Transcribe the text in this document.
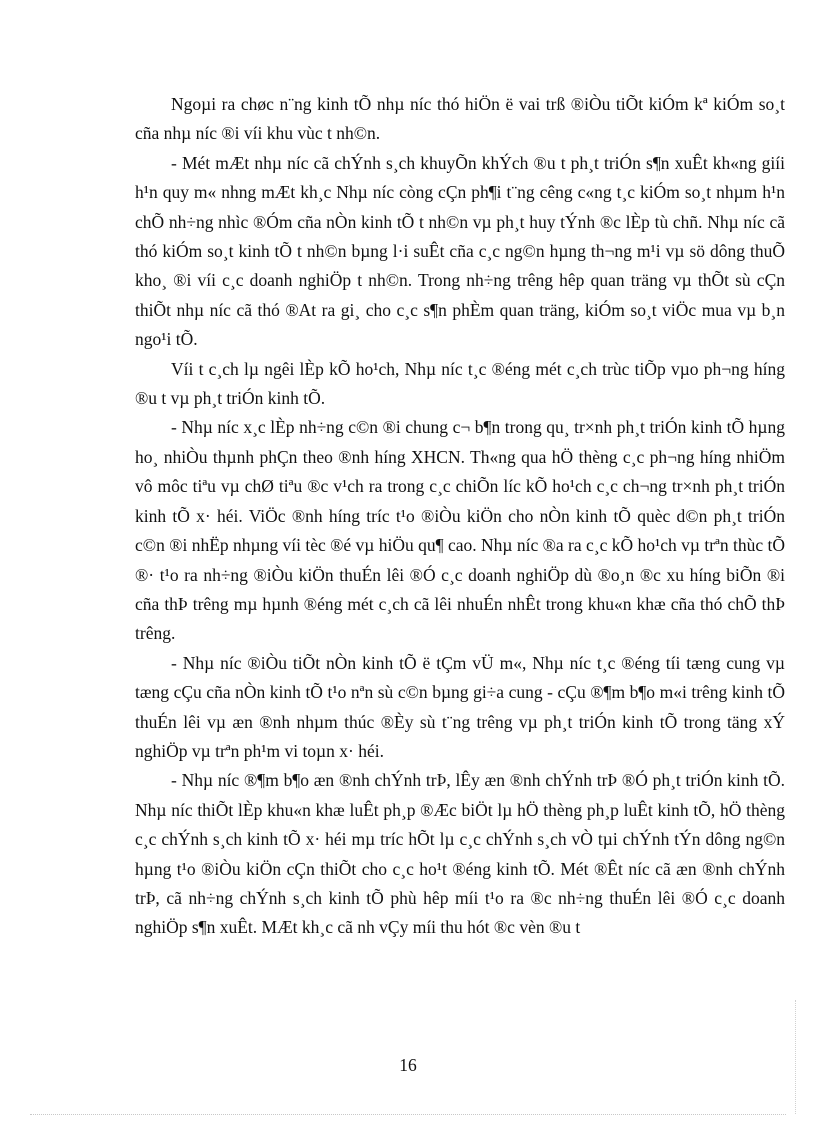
Ngoµi ra chøc n¨ng kinh tÕ nhµ níc thó hiÖn ë vai trß ®iÒu tiÕt kiÓm kª kiÓm so¸t cña nhµ níc ®i víi khu vùc t nh©n.

- Mét mÆt nhµ níc cã chÝnh s¸ch khuyÕn khÝch ®u t ph¸t triÓn s¶n xuÊt kh«ng giíi h¹n quy m« nhng mÆt kh¸c Nhµ níc còng cÇn ph¶i t¨ng cêng c«ng t¸c kiÓm so¸t nhµm h¹n chÕ nh÷ng nhìc ®Óm cña nÒn kinh tÕ t nh©n vµ ph¸t huy tÝnh ®c lÈp tù chñ. Nhµ níc cã thó kiÓm so¸t kinh tÕ t nh©n bµng l·i suÊt cña c¸c ng©n hµng th¬ng m¹i vµ sö dông thuÕ kho¸ ®i víi c¸c doanh nghiÖp t nh©n. Trong nh÷ng trêng hêp quan träng vµ thÕt sù cÇn thiÕt nhµ níc cã thó ®At ra gi¸ cho c¸c s¶n phÈm quan träng, kiÓm so¸t viÖc mua vµ b¸n ngo¹i tÕ.

Víi t c¸ch lµ ngêi lÈp kÕ ho¹ch, Nhµ níc t¸c ®éng mét c¸ch trùc tiÕp vµo ph¬ng híng ®u t vµ ph¸t triÓn kinh tÕ.

- Nhµ níc x¸c lÈp nh÷ng c©n ®i chung c¬ b¶n trong qu¸ tr×nh ph¸t triÓn kinh tÕ hµng ho¸ nhiÒu thµnh phÇn theo ®nh híng XHCN. Th«ng qua hÖ thèng c¸c ph¬ng híng nhiÖm vô môc tiªu vµ chØ tiªu ®c v¹ch ra trong c¸c chiÕn líc kÕ ho¹ch c¸c ch¬ng tr×nh ph¸t triÓn kinh tÕ x· héi. ViÖc ®nh híng tríc t¹o ®iÒu kiÖn cho nÒn kinh tÕ quèc d©n ph¸t triÓn c©n ®i nhËp nhµng víi tèc ®é vµ hiÖu qu¶ cao. Nhµ níc ®a ra c¸c kÕ ho¹ch vµ trªn thùc tÕ ®· t¹o ra nh÷ng ®iÒu kiÖn thuÉn lêi ®Ó c¸c doanh nghiÖp dù ®o¸n ®c xu híng biÕn ®i cña thÞ trêng mµ hµnh ®éng mét c¸ch cã lêi nhuÉn nhÊt trong khu«n khæ cña thó chÕ thÞ trêng.

- Nhµ níc ®iÒu tiÕt nÒn kinh tÕ ë tÇm vÜ m«, Nhµ níc t¸c ®éng tíi tæng cung vµ tæng cÇu cña nÒn kinh tÕ t¹o nªn sù c©n bµng gi÷a cung - cÇu ®¶m b¶o m«i trêng kinh tÕ thuÉn lêi vµ æn ®nh nhµm thúc ®Èy sù t¨ng trêng vµ ph¸t triÓn kinh tÕ trong täng xÝ nghiÖp vµ trªn ph¹m vi toµn x· héi.

- Nhµ níc ®¶m b¶o æn ®nh chÝnh trÞ, lÊy æn ®nh chÝnh trÞ ®Ó ph¸t triÓn kinh tÕ. Nhµ níc thiÕt lÈp khu«n khæ luÊt ph¸p ®Æc biÖt lµ hÖ thèng ph¸p luÊt kinh tÕ, hÖ thèng c¸c chÝnh s¸ch kinh tÕ x· héi mµ tríc hÕt lµ c¸c chÝnh s¸ch vÒ tµi chÝnh tÝn dông ng©n hµng t¹o ®iÒu kiÖn cÇn thiÕt cho c¸c ho¹t ®éng kinh tÕ. Mét ®Êt níc cã æn ®nh chÝnh trÞ, cã nh÷ng chÝnh s¸ch kinh tÕ phù hêp míi t¹o ra ®c nh÷ng thuÉn lêi ®Ó c¸c doanh nghiÖp s¶n xuÊt. MÆt kh¸c cã nh vÇy míi thu hót ®c vèn ®u t

16
